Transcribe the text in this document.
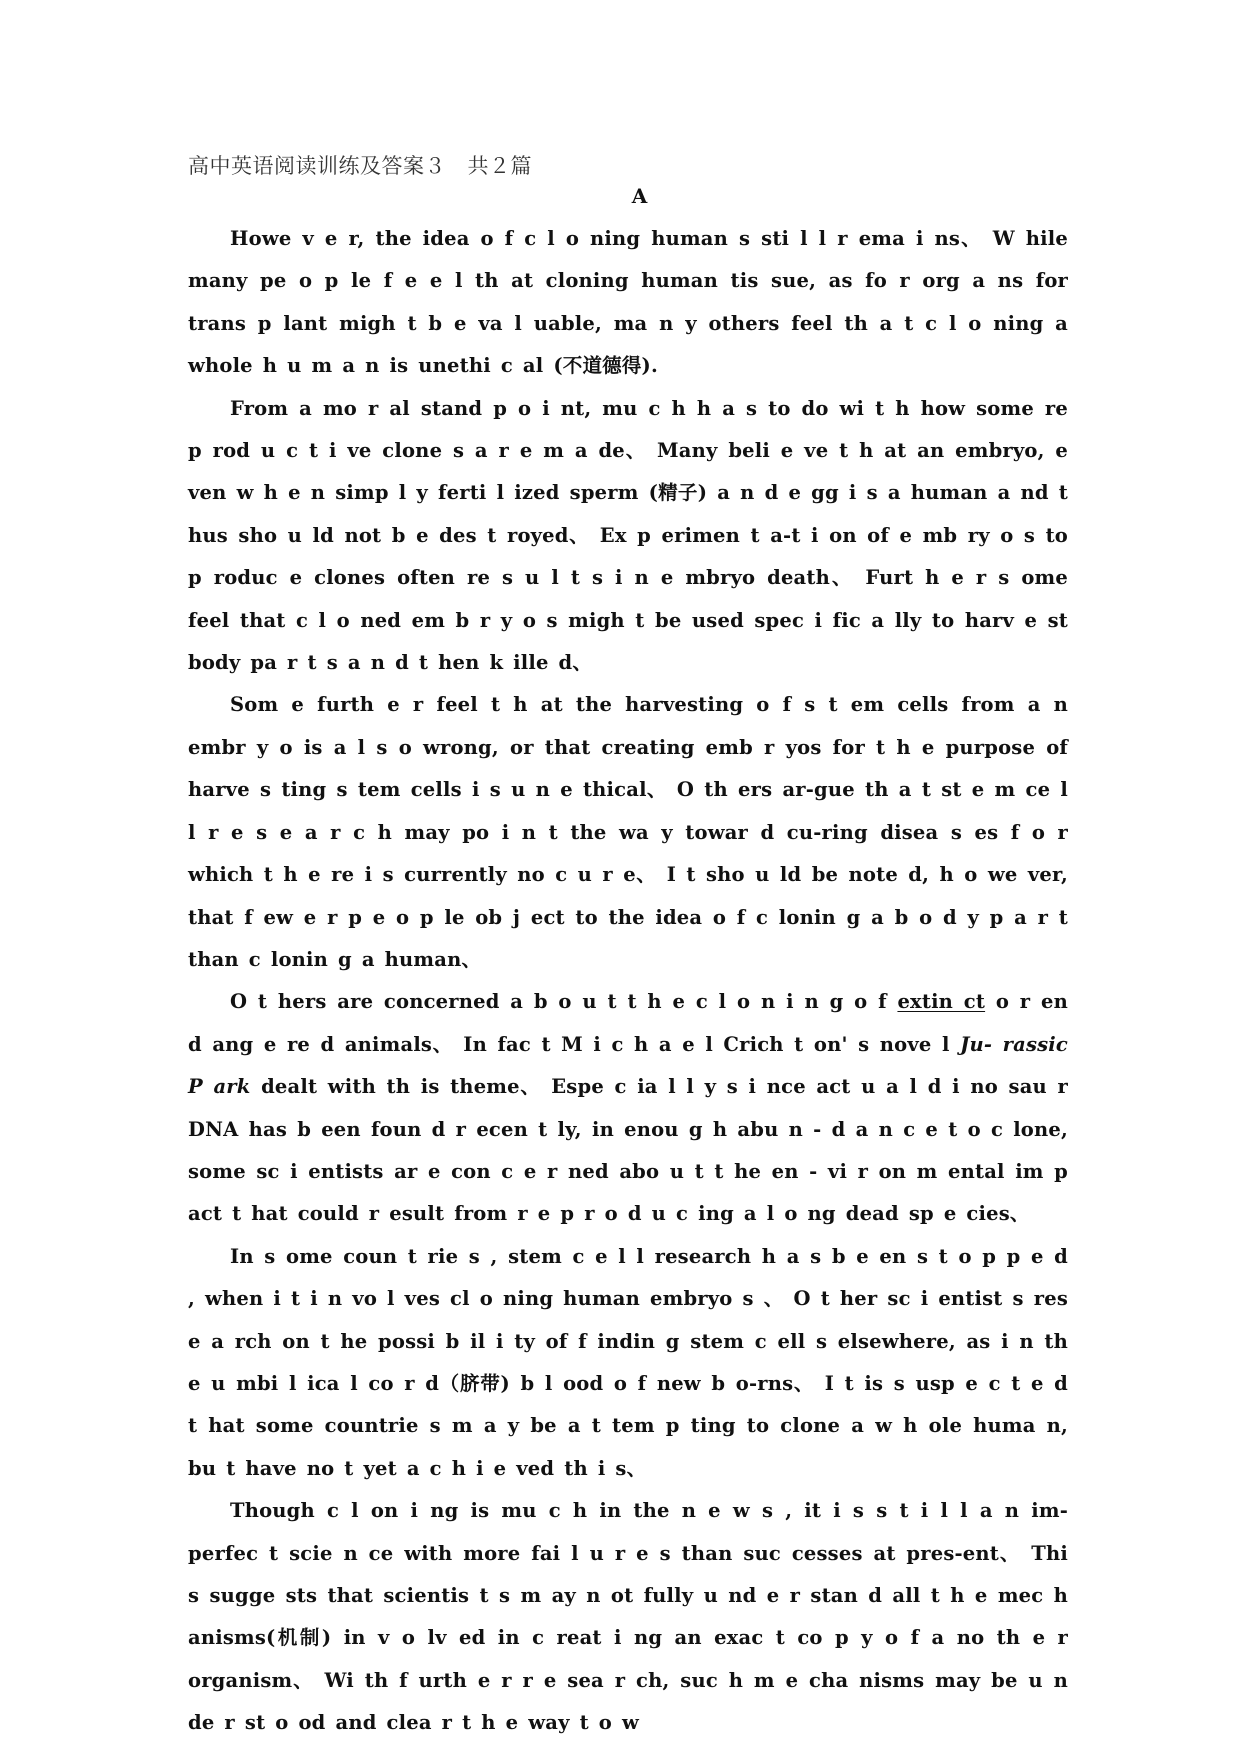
高中英语阅读训练及答案３　共２篇
A

Howe v e r, the idea o f c l o ning human s sti l l r ema i ns、 W hile many pe o p le f e e l th at cloning human tis sue, as fo r org a ns for trans p lant migh t b e va l uable, ma n y others feel th a t c l o ning a whole h u m a n is unethi c al (不道德得).

From a mo r al stand p o i nt, mu c h h a s to do wi t h how some re p rod u c t i ve clone s a r e m a de、 Many beli e ve t h at an embryo, e ven w h e n simp l y ferti l ized sperm (精子) a n d e gg i s a human a nd t hus sho u ld not b e des t royed、 Ex p erimen t a-t i on of e mb ry o s to p roduc e clones often re s u l t s i n e mbryo death、 Furt h e r s ome feel that c l o ned em b r y o s migh t be used spec i fic a lly to harv e st body pa r t s a n d t hen k ille d、

Som e furth e r feel t h at the harvesting o f s t em cells from a n embr y o is a l s o wrong, or that creating emb r yos for t h e purpose of harve s ting s tem cells i s u n e thical、 O th ers ar-gue th a t st e m ce l l r e s e a r c h may po i n t the wa y towar d cu-ring disea s es f o r which t h e re i s currently no c u r e、 I t sho u ld be note d, h o we ver, that f ew e r p e o p le ob j ect to the idea o f c lonin g a b o d y p a r t than c lonin g a human、

O t hers are concerned a b o u t t h e c l o n i n g o f extin ct o r en d ang e re d animals、 In fac t M i c h a e l Crich t on' s nove l Ju- rassic P ark dealt with th is theme、 Espe c ia l l y s i nce act u a l d i no sau r DNA has b een foun d r ecen t ly, in enou g h abu n - d a n c e t o c lone, some sc i entists ar e con c e r ned abo u t t he en - vi r on m ental im p act t hat could r esult from r e p r o d u c ing a l o ng dead sp e cies、

In s ome coun t rie s , stem c e l l research h a s b e en s t o p p e d , when i t i n vo l ves cl o ning human embryo s 、 O t her sc i entist s res e a rch on t he possi b il i ty of f indin g stem c ell s elsewhere, as i n th e u mbi l ica l co r d（脐带) b l ood o f new b o-rns、 I t is s usp e c t e d t hat some countrie s m a y be a t tem p ting to clone a w h ole huma n, bu t have no t yet a c h i e ved th i s、

Though c l on i ng is mu c h in the n e w s , it i s s t i l l a n im-perfec t scie n ce with more fai l u r e s than suc cesses at pres-ent、 Thi s sugge sts that scientis t s m ay n ot fully u nd e r stan d all t h e mec h anisms(机制) in v o lv ed in c reat i ng an exac t co p y o f a no th e r organism、 Wi th f urth e r r e sea r ch, suc h m e cha nisms may be u n de r st o od and clea r t h e way t o w
